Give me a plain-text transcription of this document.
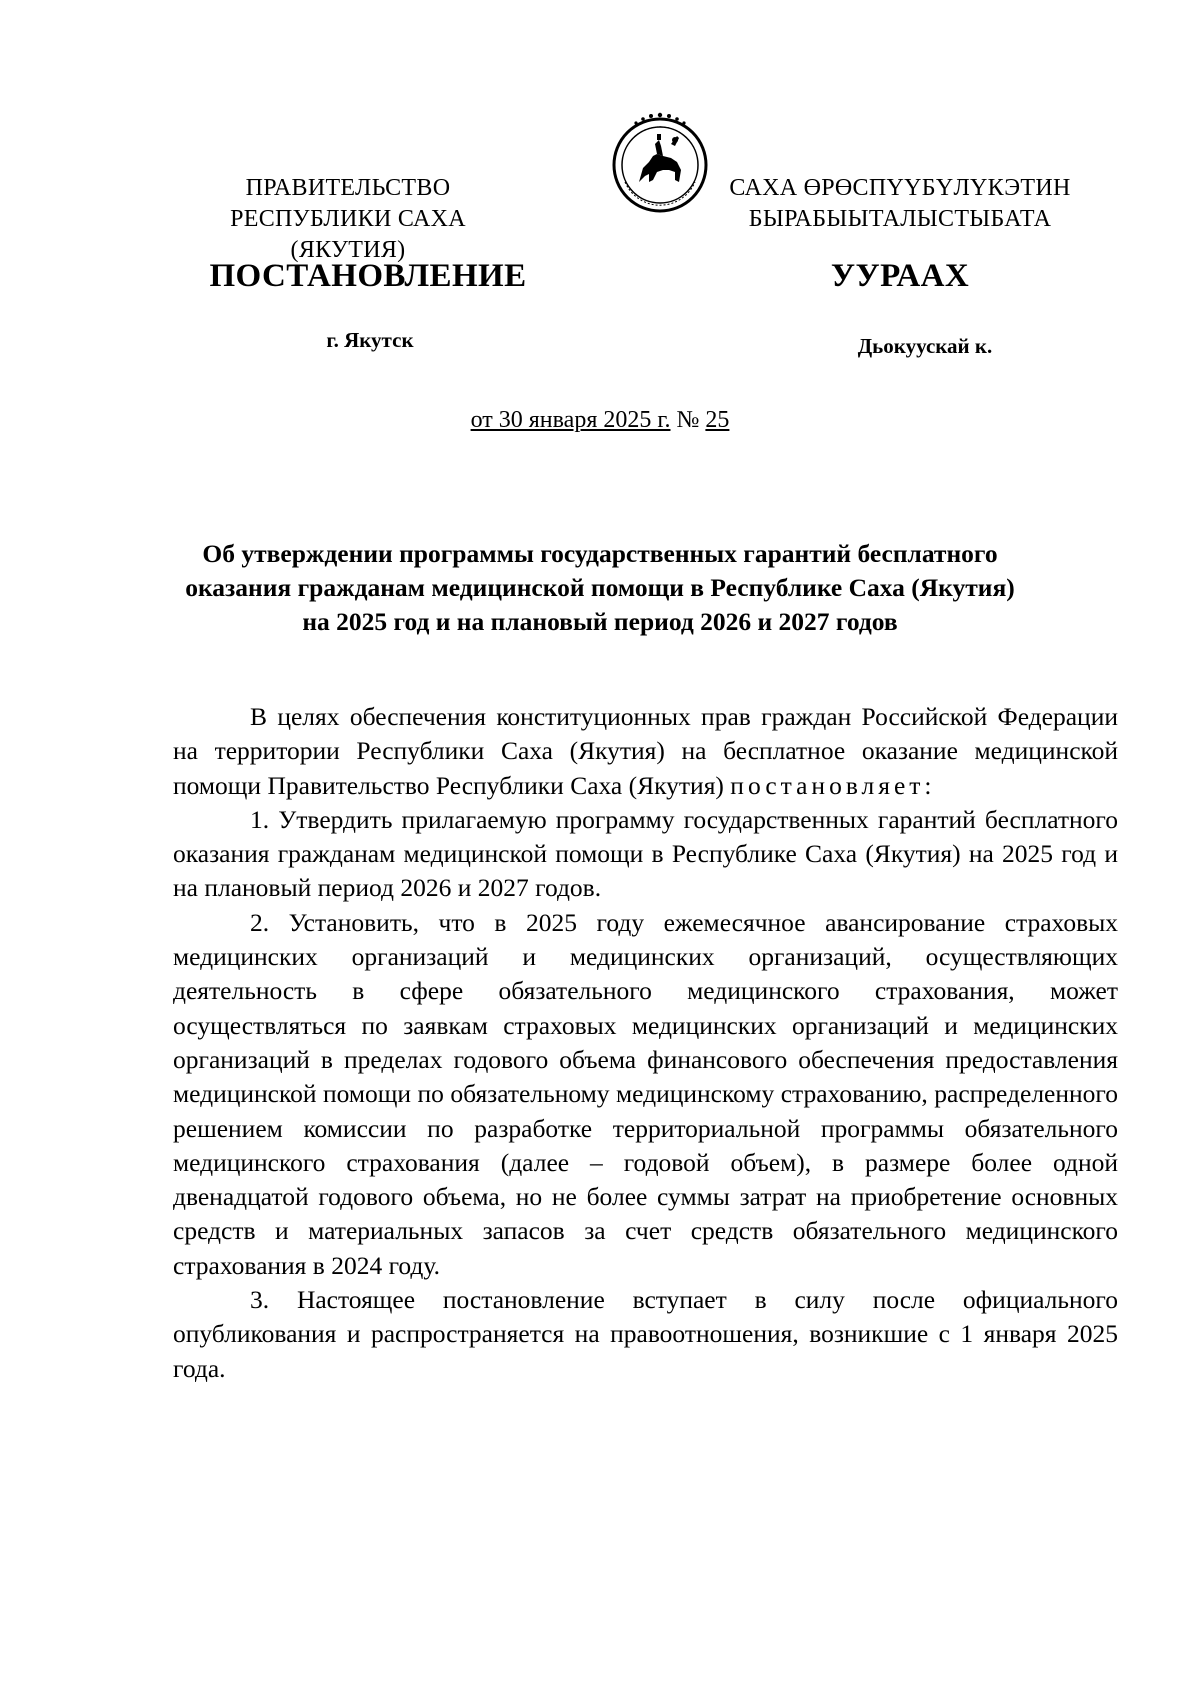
ПРАВИТЕЛЬСТВО
РЕСПУБЛИКИ САХА (ЯКУТИЯ)
САХА ӨРӨСПҮҮБҮЛҮКЭТИН
БЫРАБЫЫТАЛЫСТЫБАТА
ПОСТАНОВЛЕНИЕ	УУРААХ
г. Якутск	Дьокуускай к.
от 30 января 2025 г. № 25
Об утверждении программы государственных гарантий бесплатного
оказания гражданам медицинской помощи в Республике Саха (Якутия)
на 2025 год и на плановый период 2026 и 2027 годов

В целях обеспечения конституционных прав граждан Российской Федерации на территории Республики Саха (Якутия) на бесплатное оказание медицинской помощи Правительство Республики Саха (Якутия) постановляет:

1. Утвердить прилагаемую программу государственных гарантий бесплатного оказания гражданам медицинской помощи в Республике Саха (Якутия) на 2025 год и на плановый период 2026 и 2027 годов.

2. Установить, что в 2025 году ежемесячное авансирование страховых медицинских организаций и медицинских организаций, осуществляющих деятельность в сфере обязательного медицинского страхования, может осуществляться по заявкам страховых медицинских организаций и медицинских организаций в пределах годового объема финансового обеспечения предоставления медицинской помощи по обязательному медицинскому страхованию, распределенного решением комиссии по разработке территориальной программы обязательного медицинского страхования (далее – годовой объем), в размере более одной двенадцатой годового объема, но не более суммы затрат на приобретение основных средств и материальных запасов за счет средств обязательного медицинского страхования в 2024 году.

3. Настоящее постановление вступает в силу после официального опубликования и распространяется на правоотношения, возникшие с 1 января 2025 года.
